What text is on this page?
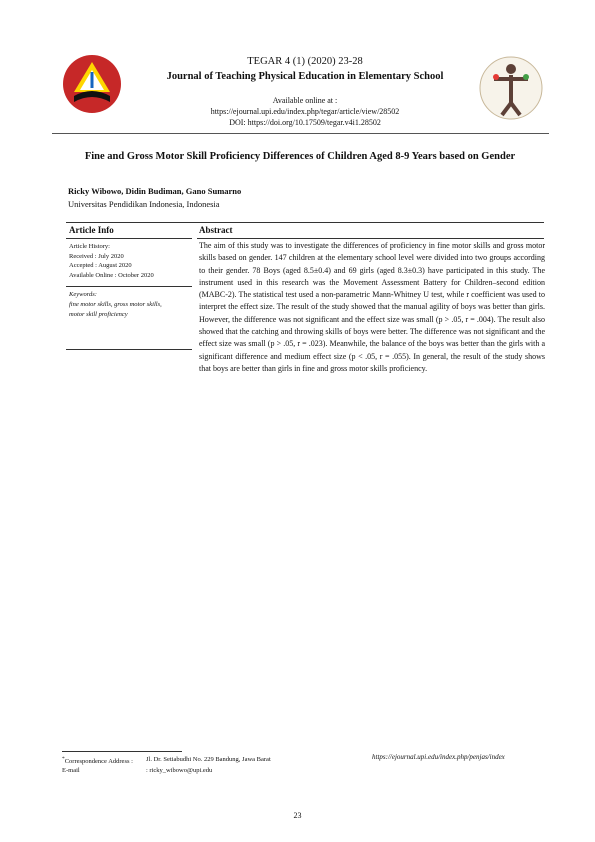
TEGAR 4 (1) (2020) 23-28
Journal of Teaching Physical Education in Elementary School
Available online at :
https://ejournal.upi.edu/index.php/tegar/article/view/28502
DOI: https://doi.org/10.17509/tegar.v4i1.28502
Fine and Gross Motor Skill Proficiency Differences of Children Aged 8-9 Years based on Gender
Ricky Wibowo, Didin Budiman, Gano Sumarno
Universitas Pendidikan Indonesia, Indonesia
Article Info	Abstract
Article History:
Received : July 2020
Accepted : August 2020
Available Online : October 2020
Keywords:
fine motor skills, gross motor skills,
motor skill proficiency
The aim of this study was to investigate the differences of proficiency in fine motor skills and gross motor skills based on gender. 147 children at the elementary school level were divided into two groups according to their gender. 78 Boys (aged 8.5±0.4) and 69 girls (aged 8.3±0.3) have participated in this study. The instrument used in this research was the Movement Assessment Battery for Children–second edition (MABC-2). The statistical test used a non-parametric Mann-Whitney U test, while r coefficient was used to interpret the effect size. The result of the study showed that the manual agility of boys was better than girls. However, the difference was not significant and the effect size was small (p > .05, r = .004). The result also showed that the catching and throwing skills of boys were better. The difference was not significant and the effect size was small (p > .05, r = .023). Meanwhile, the balance of the boys was better than the girls with a significant difference and medium effect size (p < .05, r = .055). In general, the result of the study shows that boys are better than girls in fine and gross motor skills proficiency.
*Correspondence Address :	Jl. Dr. Setiabudhi No. 229 Bandung, Jawa Barat
E-mail	: ricky_wibowo@upi.edu
https://ejournal.upi.edu/index.php/penjas/index
23
